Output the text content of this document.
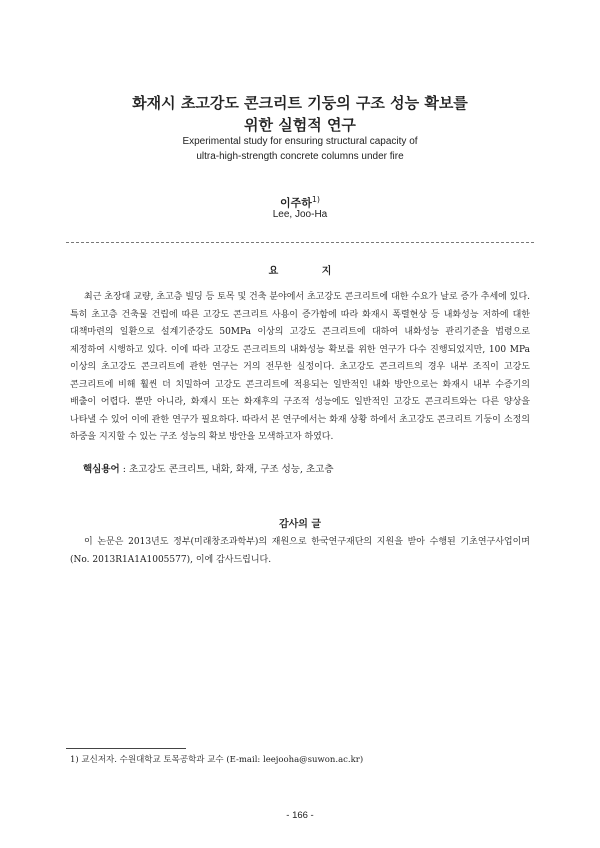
화재시 초고강도 콘크리트 기둥의 구조 성능 확보를
위한 실험적 연구
Experimental study for ensuring structural capacity of
ultra-high-strength concrete columns under fire
이주하$^{1)}$
Lee, Joo-Ha
요 지

최근 초장대 교량, 초고층 빌딩 등 토목 및 건축 분야에서 초고강도 콘크리트에 대한 수요가 날로 증가 추세에 있다. 특히 초고층 건축물 건립에 따른 고강도 콘크리트 사용이 증가함에 따라 화재시 폭렬현상 등 내화성능 저하에 대한 대책마련의 일환으로 설계기준강도 50MPa 이상의 고강도 콘크리트에 대하여 내화성능 관리기준을 법령으로 제정하여 시행하고 있다. 이에 따라 고강도 콘크리트의 내화성능 확보를 위한 연구가 다수 진행되었지만, 100 MPa 이상의 초고강도 콘크리트에 관한 연구는 거의 전무한 실정이다. 초고강도 콘크리트의 경우 내부 조직이 고강도 콘크리트에 비해 훨씬 더 치밀하여 고강도 콘크리트에 적용되는 일반적인 내화 방안으로는 화재시 내부 수증기의 배출이 어렵다. 뿐만 아니라, 화재시 또는 화재후의 구조적 성능에도 일반적인 고강도 콘크리트와는 다른 양상을 나타낼 수 있어 이에 관한 연구가 필요하다. 따라서 본 연구에서는 화재 상황 하에서 초고강도 콘크리트 기둥이 소정의 하중을 지지할 수 있는 구조 성능의 확보 방안을 모색하고자 하였다.

핵심용어 : 초고강도 콘크리트, 내화, 화재, 구조 성능, 초고층
감사의 글

이 논문은 2013년도 정부(미래창조과학부)의 재원으로 한국연구재단의 지원을 받아 수행된 기초연구사업이며 (No. 2013R1A1A1005577), 이에 감사드립니다.

1) 교신저자. 수원대학교 토목공학과 교수 (E-mail: leejooha@suwon.ac.kr)
- 166 -
